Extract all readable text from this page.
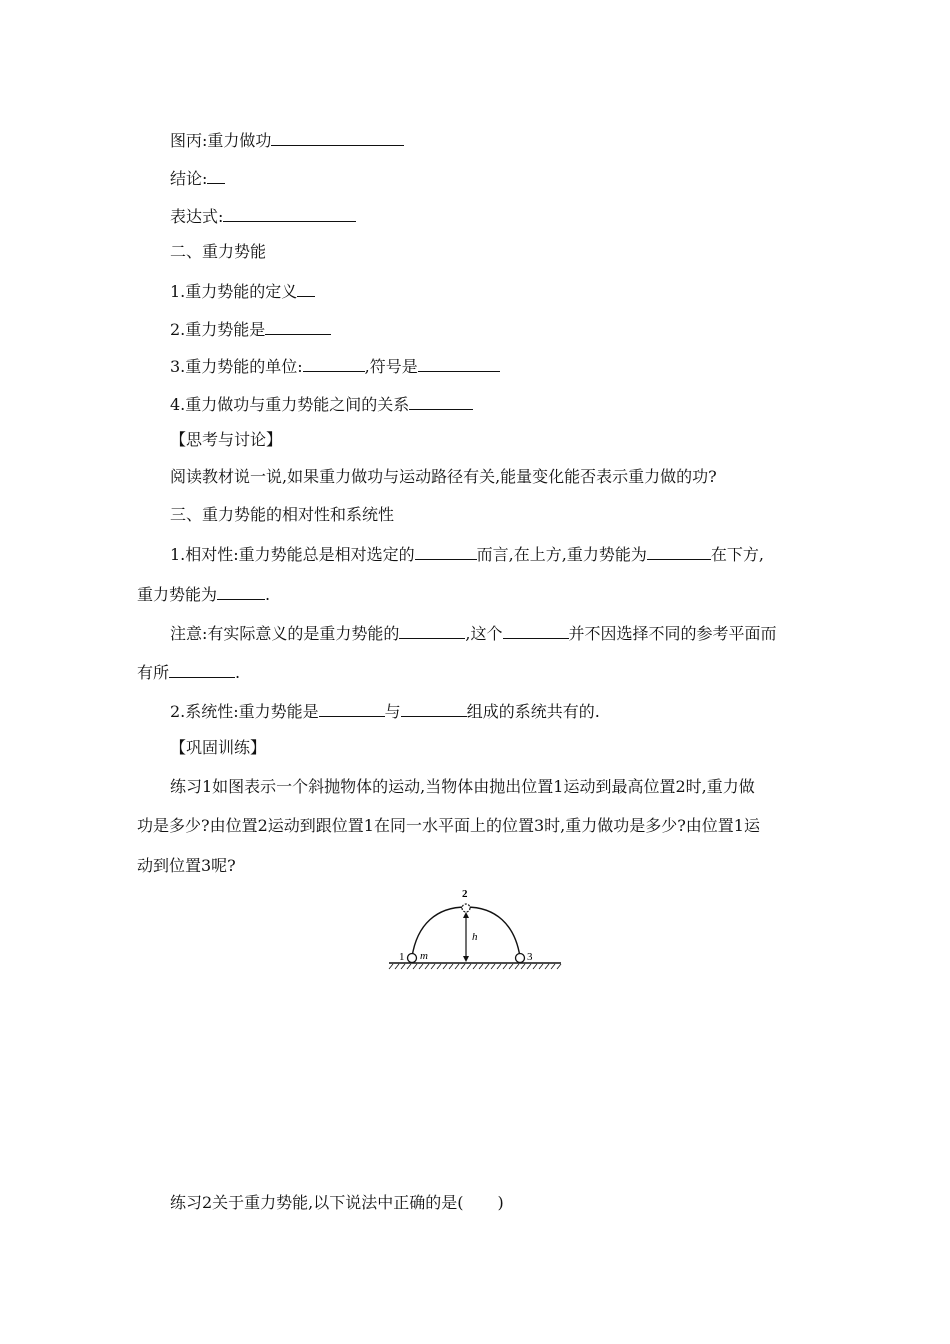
图丙:重力做功
结论:
表达式:
二、重力势能
1.重力势能的定义
2.重力势能是
3.重力势能的单位:	,符号是
4.重力做功与重力势能之间的关系
【思考与讨论】
阅读教材说一说,如果重力做功与运动路径有关,能量变化能否表示重力做的功?
三、重力势能的相对性和系统性
1.相对性:重力势能总是相对选定的	而言,在上方,重力势能为	在下方,
重力势能为	.
注意:有实际意义的是重力势能的	,这个	并不因选择不同的参考平面而
有所	.
2.系统性:重力势能是	与	组成的系统共有的.
【巩固训练】
练习1如图表示一个斜抛物体的运动,当物体由抛出位置1运动到最高位置2时,重力做
功是多少?由位置2运动到跟位置1在同一水平面上的位置3时,重力做功是多少?由位置1运
动到位置3呢?
1
2
3
m
h
练习2关于重力势能,以下说法中正确的是( )
